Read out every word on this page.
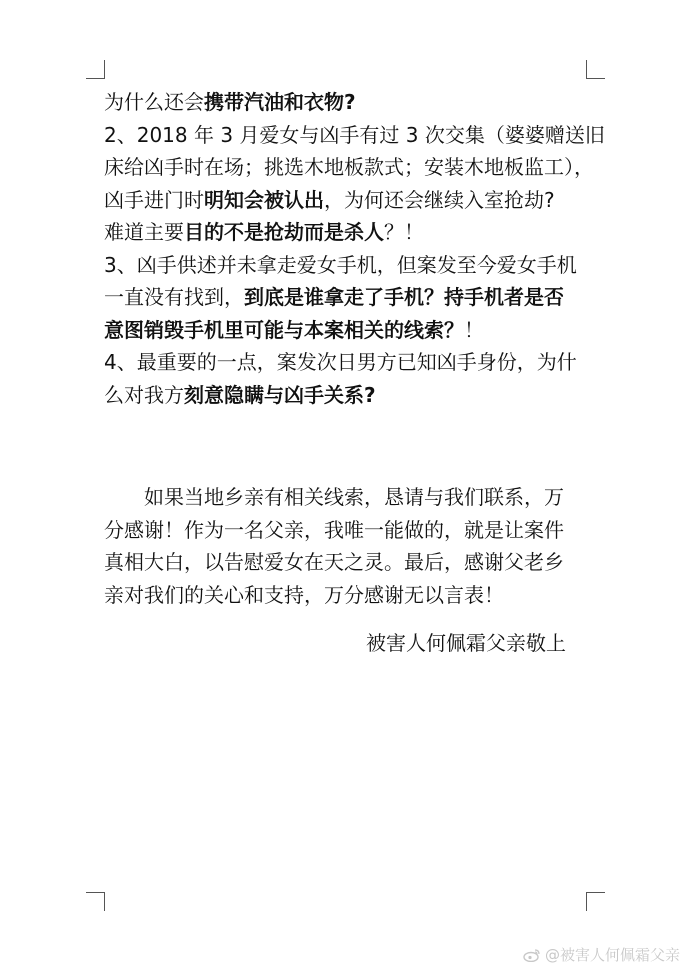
为什么还会携带汽油和衣物?
2、2018 年 3 月爱女与凶手有过 3 次交集（婆婆赠送旧
床给凶手时在场；挑选木地板款式；安装木地板监工），
凶手进门时明知会被认出，为何还会继续入室抢劫?
难道主要目的不是抢劫而是杀人？！
3、凶手供述并未拿走爱女手机，但案发至今爱女手机
一直没有找到，到底是谁拿走了手机？持手机者是否
意图销毁手机里可能与本案相关的线索？！
4、最重要的一点，案发次日男方已知凶手身份，为什
么对我方刻意隐瞒与凶手关系?
如果当地乡亲有相关线索，恳请与我们联系，万
分感谢！作为一名父亲，我唯一能做的，就是让案件
真相大白，以告慰爱女在天之灵。最后，感谢父老乡
亲对我们的关心和支持，万分感谢无以言表！
被害人何佩霜父亲敬上
@被害人何佩霜父亲
